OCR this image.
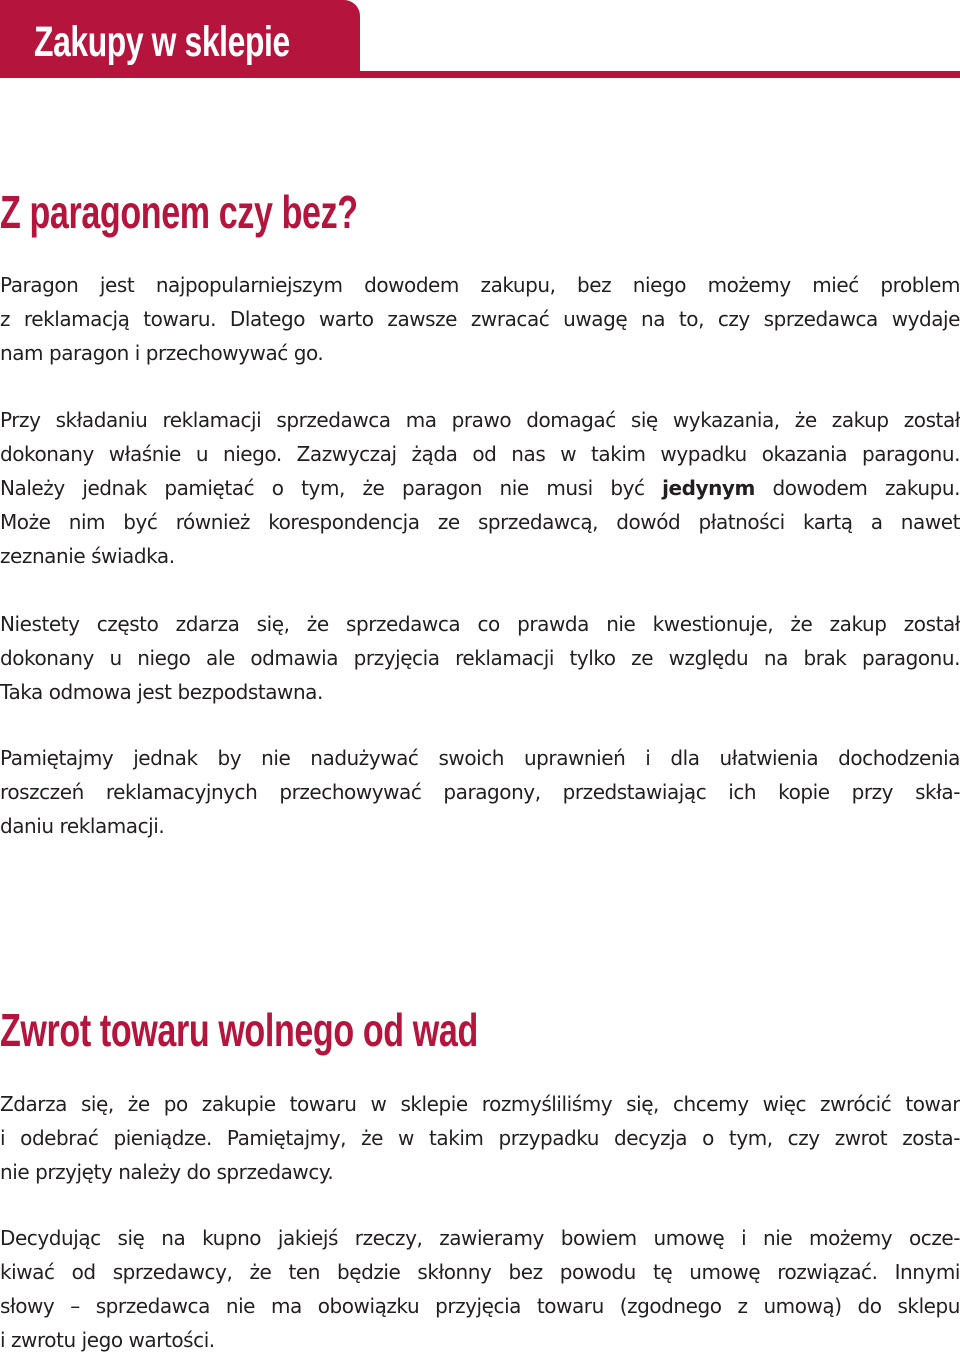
Zakupy w sklepie
Z paragonem czy bez?

Paragon jest najpopularniejszym dowodem zakupu, bez niego możemy mieć problem
z reklamacją towaru. Dlatego warto zawsze zwracać uwagę na to, czy sprzedawca wydaje
nam paragon i przechowywać go.

Przy składaniu reklamacji sprzedawca ma prawo domagać się wykazania, że zakup został
dokonany właśnie u niego. Zazwyczaj żąda od nas w takim wypadku okazania paragonu.
Należy jednak pamiętać o tym, że paragon nie musi być jedynym dowodem zakupu.
Może nim być również korespondencja ze sprzedawcą, dowód płatności kartą a nawet
zeznanie świadka.

Niestety często zdarza się, że sprzedawca co prawda nie kwestionuje, że zakup został
dokonany u niego ale odmawia przyjęcia reklamacji tylko ze względu na brak paragonu.
Taka odmowa jest bezpodstawna.

Pamiętajmy jednak by nie nadużywać swoich uprawnień i dla ułatwienia dochodzenia
roszczeń reklamacyjnych przechowywać paragony, przedstawiając ich kopie przy skła-
daniu reklamacji.

Zwrot towaru wolnego od wad

Zdarza się, że po zakupie towaru w sklepie rozmyśliliśmy się, chcemy więc zwrócić towar
i odebrać pieniądze. Pamiętajmy, że w takim przypadku decyzja o tym, czy zwrot zosta-
nie przyjęty należy do sprzedawcy.

Decydując się na kupno jakiejś rzeczy, zawieramy bowiem umowę i nie możemy ocze-
kiwać od sprzedawcy, że ten będzie skłonny bez powodu tę umowę rozwiązać. Innymi
słowy – sprzedawca nie ma obowiązku przyjęcia towaru (zgodnego z umową) do sklepu
i zwrotu jego wartości.
